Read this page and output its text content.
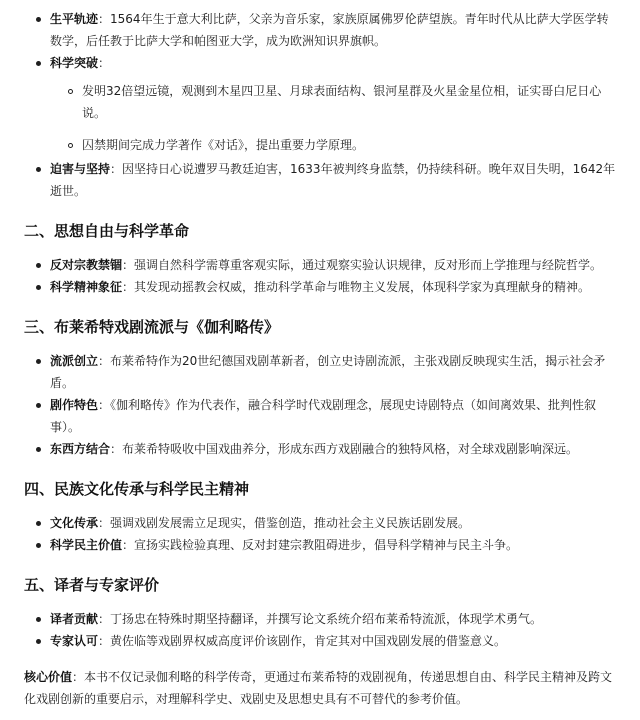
生平轨迹：1564年生于意大利比萨，父亲为音乐家，家族原属佛罗伦萨望族。青年时代从比萨大学医学转数学，后任教于比萨大学和帕图亚大学，成为欧洲知识界旗帜。
科学突破：
发明32倍望远镜，观测到木星四卫星、月球表面结构、银河星群及火星金星位相，证实哥白尼日心说。
囚禁期间完成力学著作《对话》，提出重要力学原理。
迫害与坚持：因坚持日心说遭罗马教廷迫害，1633年被判终身监禁，仍持续科研。晚年双目失明，1642年逝世。
二、思想自由与科学革命
反对宗教禁锢：强调自然科学需尊重客观实际，通过观察实验认识规律，反对形而上学推理与经院哲学。
科学精神象征：其发现动摇教会权威，推动科学革命与唯物主义发展，体现科学家为真理献身的精神。
三、布莱希特戏剧流派与《伽利略传》
流派创立：布莱希特作为20世纪德国戏剧革新者，创立史诗剧流派，主张戏剧反映现实生活，揭示社会矛盾。
剧作特色：《伽利略传》作为代表作，融合科学时代戏剧理念，展现史诗剧特点（如间离效果、批判性叙事）。
东西方结合：布莱希特吸收中国戏曲养分，形成东西方戏剧融合的独特风格，对全球戏剧影响深远。
四、民族文化传承与科学民主精神
文化传承：强调戏剧发展需立足现实，借鉴创造，推动社会主义民族话剧发展。
科学民主价值：宣扬实践检验真理、反对封建宗教阻碍进步，倡导科学精神与民主斗争。
五、译者与专家评价
译者贡献：丁扬忠在特殊时期坚持翻译，并撰写论文系统介绍布莱希特流派，体现学术勇气。
专家认可：黄佐临等戏剧界权威高度评价该剧作，肯定其对中国戏剧发展的借鉴意义。

核心价值：本书不仅记录伽利略的科学传奇，更通过布莱希特的戏剧视角，传递思想自由、科学民主精神及跨文化戏剧创新的重要启示，对理解科学史、戏剧史及思想史具有不可替代的参考价值。
